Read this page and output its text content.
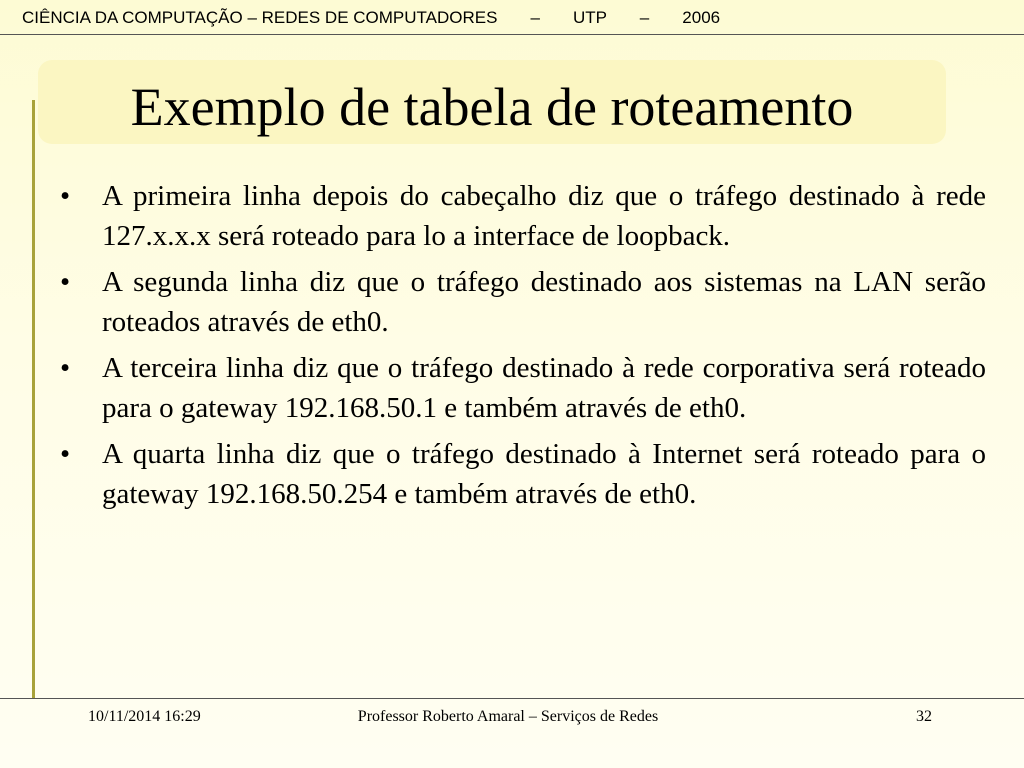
CIÊNCIA DA COMPUTAÇÃO – REDES DE COMPUTADORES       –       UTP       –       2006
Exemplo de tabela de roteamento
•	A primeira linha depois do cabeçalho diz que o tráfego destinado à rede 127.x.x.x será roteado para lo a interface de loopback.
•	A segunda linha diz que o tráfego destinado aos sistemas na LAN serão roteados através de eth0.
•	A terceira linha diz que o tráfego destinado à rede corporativa será roteado para o gateway 192.168.50.1 e também através de eth0.
•	A quarta linha diz que o tráfego destinado à Internet será roteado para o gateway 192.168.50.254 e também através de eth0.
10/11/2014 16:29	Professor Roberto Amaral – Serviços de Redes	32
